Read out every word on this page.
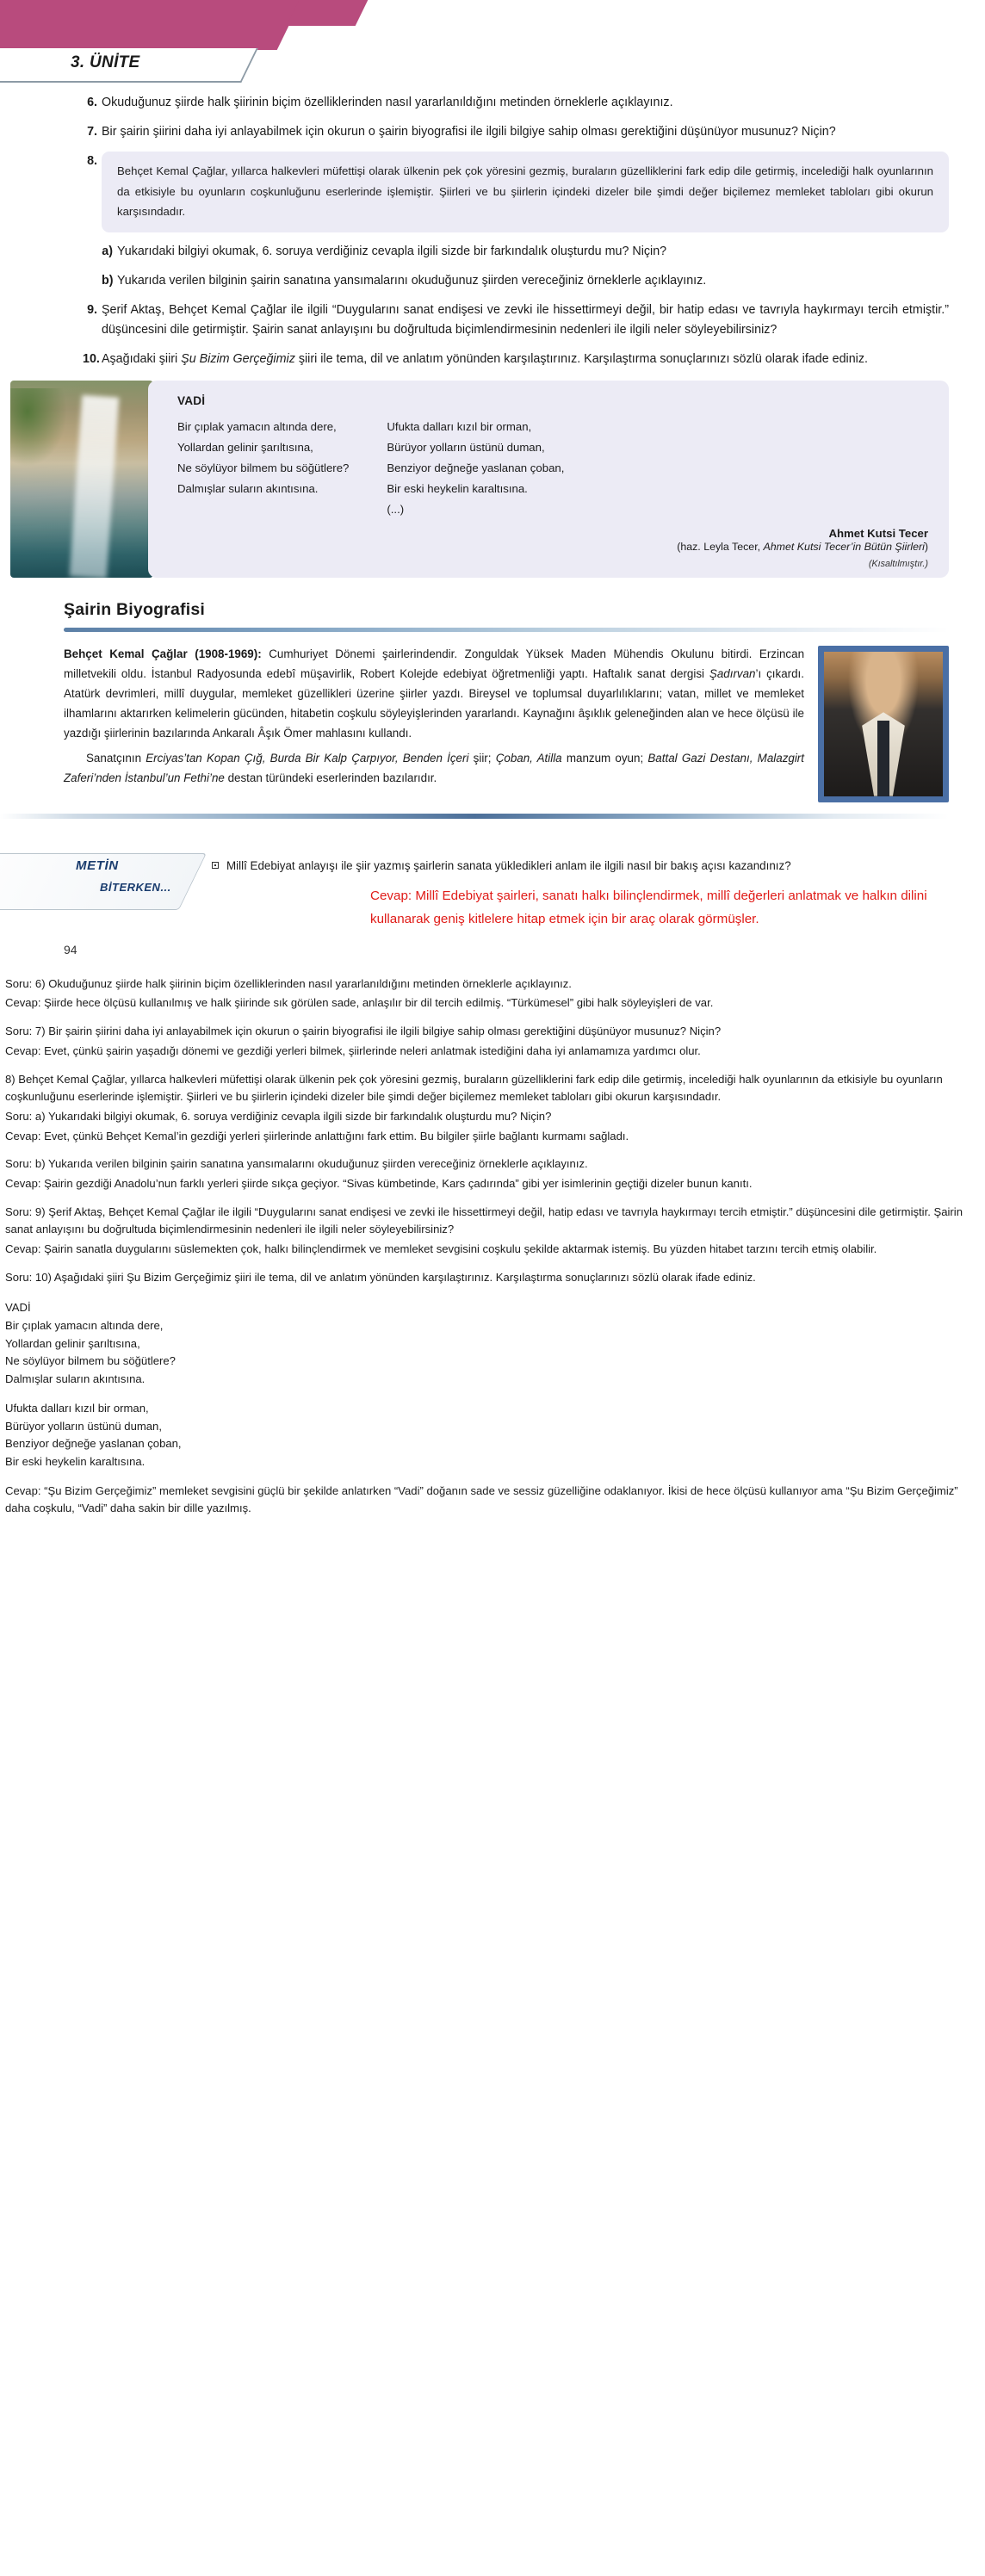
3. ÜNİTE
6. Okuduğunuz şiirde halk şiirinin biçim özelliklerinden nasıl yararlanıldığını metinden örneklerle açıklayınız.
7. Bir şairin şiirini daha iyi anlayabilmek için okurun o şairin biyografisi ile ilgili bilgiye sahip olması gerektiğini düşünüyor musunuz? Niçin?
8.
Behçet Kemal Çağlar, yıllarca halkevleri müfettişi olarak ülkenin pek çok yöresini gezmiş, buraların güzelliklerini fark edip dile getirmiş, incelediği halk oyunlarının da etkisiyle bu oyunların coşkunluğunu eserlerinde işlemiştir. Şiirleri ve bu şiirlerin içindeki dizeler bile şimdi değer biçilemez memleket tabloları gibi okurun karşısındadır.
a) Yukarıdaki bilgiyi okumak, 6. soruya verdiğiniz cevapla ilgili sizde bir farkındalık oluşturdu mu? Niçin?
b) Yukarıda verilen bilginin şairin sanatına yansımalarını okuduğunuz şiirden vereceğiniz örneklerle açıklayınız.
9. Şerif Aktaş, Behçet Kemal Çağlar ile ilgili “Duygularını sanat endişesi ve zevki ile hissettirmeyi değil, bir hatip edası ve tavrıyla haykırmayı tercih etmiştir.” düşüncesini dile getirmiştir. Şairin sanat anlayışını bu doğrultuda biçimlendirmesinin nedenleri ile ilgili neler söyleyebilirsiniz?
10. Aşağıdaki şiiri Şu Bizim Gerçeğimiz şiiri ile tema, dil ve anlatım yönünden karşılaştırınız. Karşılaştırma sonuçlarınızı sözlü olarak ifade ediniz.
VADİ
Bir çıplak yamacın altında dere,
Yollardan gelinir şarıltısına,
Ne söylüyor bilmem bu söğütlere?
Dalmışlar suların akıntısına.
Ufukta dalları kızıl bir orman,
Bürüyor yolların üstünü duman,
Benziyor değneğe yaslanan çoban,
Bir eski heykelin karaltısına.
(...)
Ahmet Kutsi Tecer
(haz. Leyla Tecer, Ahmet Kutsi Tecer’in Bütün Şiirleri)
(Kısaltılmıştır.)
Şairin Biyografisi

Behçet Kemal Çağlar (1908-1969): Cumhuriyet Dönemi şairlerindendir. Zonguldak Yüksek Maden Mühendis Okulunu bitirdi. Erzincan milletvekili oldu. İstanbul Radyosunda edebî müşavirlik, Robert Kolejde edebiyat öğretmenliği yaptı. Haftalık sanat dergisi Şadırvan’ı çıkardı. Atatürk devrimleri, millî duygular, memleket güzellikleri üzerine şiirler yazdı. Bireysel ve toplumsal duyarlılıklarını; vatan, millet ve memleket ilhamlarını aktarırken kelimelerin gücünden, hitabetin coşkulu söyleyişlerinden yararlandı. Kaynağını âşıklık geleneğinden alan ve hece ölçüsü ile yazdığı şiirlerinin bazılarında Ankaralı Âşık Ömer mahlasını kullandı.

Sanatçının Erciyas’tan Kopan Çığ, Burda Bir Kalp Çarpıyor, Benden İçeri şiir; Çoban, Atilla manzum oyun; Battal Gazi Destanı, Malazgirt Zaferi’nden İstanbul’un Fethi’ne destan türündeki eserlerinden bazılarıdır.

METİN
BİTERKEN...
Millî Edebiyat anlayışı ile şiir yazmış şairlerin sanata yükledikleri anlam ile ilgili nasıl bir bakış açısı kazandınız?
Cevap: Millî Edebiyat şairleri, sanatı halkı bilinçlendirmek, millî değerleri anlatmak ve halkın dilini kullanarak geniş kitlelere hitap etmek için bir araç olarak görmüşler.
94

Soru: 6) Okuduğunuz şiirde halk şiirinin biçim özelliklerinden nasıl yararlanıldığını metinden örneklerle açıklayınız.

Cevap: Şiirde hece ölçüsü kullanılmış ve halk şiirinde sık görülen sade, anlaşılır bir dil tercih edilmiş. “Türkümesel” gibi halk söyleyişleri de var.

Soru: 7) Bir şairin şiirini daha iyi anlayabilmek için okurun o şairin biyografisi ile ilgili bilgiye sahip olması gerektiğini düşünüyor musunuz? Niçin?

Cevap: Evet, çünkü şairin yaşadığı dönemi ve gezdiği yerleri bilmek, şiirlerinde neleri anlatmak istediğini daha iyi anlamamıza yardımcı olur.

8) Behçet Kemal Çağlar, yıllarca halkevleri müfettişi olarak ülkenin pek çok yöresini gezmiş, buraların güzelliklerini fark edip dile getirmiş, incelediği halk oyunlarının da etkisiyle bu oyunların coşkunluğunu eserlerinde işlemiştir. Şiirleri ve bu şiirlerin içindeki dizeler bile şimdi değer biçilemez memleket tabloları gibi okurun karşısındadır.

Soru: a) Yukarıdaki bilgiyi okumak, 6. soruya verdiğiniz cevapla ilgili sizde bir farkındalık oluşturdu mu? Niçin?

Cevap: Evet, çünkü Behçet Kemal’in gezdiği yerleri şiirlerinde anlattığını fark ettim. Bu bilgiler şiirle bağlantı kurmamı sağladı.

Soru: b) Yukarıda verilen bilginin şairin sanatına yansımalarını okuduğunuz şiirden vereceğiniz örneklerle açıklayınız.

Cevap: Şairin gezdiği Anadolu’nun farklı yerleri şiirde sıkça geçiyor. “Sivas kümbetinde, Kars çadırında” gibi yer isimlerinin geçtiği dizeler bunun kanıtı.

Soru: 9) Şerif Aktaş, Behçet Kemal Çağlar ile ilgili “Duygularını sanat endişesi ve zevki ile hissettirmeyi değil, hatip edası ve tavrıyla haykırmayı tercih etmiştir.” düşüncesini dile getirmiştir. Şairin sanat anlayışını bu doğrultuda biçimlendirmesinin nedenleri ile ilgili neler söyleyebilirsiniz?

Cevap: Şairin sanatla duygularını süslemekten çok, halkı bilinçlendirmek ve memleket sevgisini coşkulu şekilde aktarmak istemiş. Bu yüzden hitabet tarzını tercih etmiş olabilir.

Soru: 10) Aşağıdaki şiiri Şu Bizim Gerçeğimiz şiiri ile tema, dil ve anlatım yönünden karşılaştırınız. Karşılaştırma sonuçlarınızı sözlü olarak ifade ediniz.

VADİ

Bir çıplak yamacın altında dere,

Yollardan gelinir şarıltısına,

Ne söylüyor bilmem bu söğütlere?

Dalmışlar suların akıntısına.

Ufukta dalları kızıl bir orman,

Bürüyor yolların üstünü duman,

Benziyor değneğe yaslanan çoban,

Bir eski heykelin karaltısına.

Cevap: “Şu Bizim Gerçeğimiz” memleket sevgisini güçlü bir şekilde anlatırken “Vadi” doğanın sade ve sessiz güzelliğine odaklanıyor. İkisi de hece ölçüsü kullanıyor ama “Şu Bizim Gerçeğimiz” daha coşkulu, “Vadi” daha sakin bir dille yazılmış.
